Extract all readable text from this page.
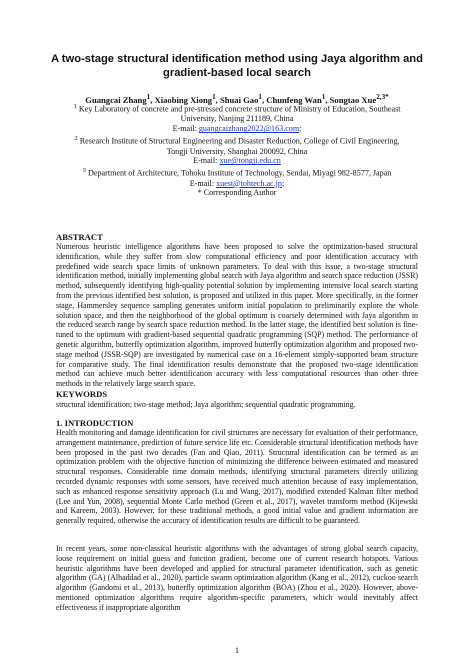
A two-stage structural identification method using Jaya algorithm and gradient-based local search
Guangcai Zhang$^1$, Xiaobing Xiong$^1$, Shuai Gao$^1$, Chunfeng Wan$^1$, Songtao Xue$^{2,3*}$

$^1$ Key Laboratory of concrete and pre-stressed concrete structure of Ministry of Education, Southeast

University, Nanjing 211189, China

E-mail: guangcaizhang2022@163.com;

$^2$ Research Institute of Structural Engineering and Disaster Reduction, College of Civil Engineering,

Tongji University, Shanghai 200092, China

E-mail: xue@tongji.edu.cn

$^3$ Department of Architecture, Tohoku Institute of Technology, Sendai, Miyagi 982-8577, Japan

E-mail: xuest@tohtech.ac.jp;

* Corresponding Author

ABSTRACT

Numerous heuristic intelligence algorithms have been proposed to solve the optimization-based structural identification, while they suffer from slow computational efficiency and poor identification accuracy with predefined wide search space limits of unknown parameters. To deal with this issue, a two-stage structural identification method, initially implementing global search with Jaya algorithm and search space reduction (JSSR) method, subsequently identifying high-quality potential solution by implementing intensive local search starting from the previous identified best solution, is proposed and utilized in this paper. More specifically, in the former stage, Hammersley sequence sampling generates uniform initial population to preliminarily explore the whole solution space, and then the neighborhood of the global optimum is coarsely determined with Jaya algorithm in the reduced search range by search space reduction method. In the latter stage, the identified best solution is fine-tuned to the optimum with gradient-based sequential quadratic programming (SQP) method. The performance of genetic algorithm, butterfly optimization algorithm, improved butterfly optimization algorithm and proposed two-stage method (JSSR-SQP) are investigated by numerical case on a 16-element simply-supported beam structure for comparative study. The final identification results demonstrate that the proposed two-stage identification method can achieve much better identification accuracy with less computational resources than other three methods in the relatively large search space.

KEYWORDS

structural identification; two-stage method; Jaya algorithm; sequential quadratic programming.

1. INTRODUCTION

Health monitoring and damage identification for civil structures are necessary for evaluation of their performance, arrangement maintenance, prediction of future service life etc. Considerable structural identification methods have been proposed in the past two decades (Fan and Qiao, 2011). Structural identification can be termed as an optimization problem with the objective function of minimizing the difference between estimated and measured structural responses. Considerable time domain methods, identifying structural parameters directly utilizing recorded dynamic responses with some sensors, have received much attention because of easy implementation, such as enhanced response sensitivity approach (Lu and Wang, 2017), modified extended Kalman filter method (Lee and Yun, 2008), sequential Monte Carlo method (Green et al., 2017), wavelet transform method (Kijewski and Kareem, 2003). However, for these traditional methods, a good initial value and gradient information are generally required, otherwise the accuracy of identification results are difficult to be guaranteed.

In recent years, some non-classical heuristic algorithms with the advantages of strong global search capacity, loose requirement on initial guess and function gradient, become one of current research hotspots. Various heuristic algorithms have been developed and applied for structural parameter identification, such as genetic algorithm (GA) (Alhaddad et al., 2020), particle swarm optimization algorithm (Kang et al., 2012), cuckoo search algorithm (Gandomi et al., 2013), butterfly optimization algorithm (BOA) (Zhou et al., 2020). However, above-mentioned optimization algorithms require algorithm-specific parameters, which would inevitably affect effectiveness if inappropriate algorithm

1
